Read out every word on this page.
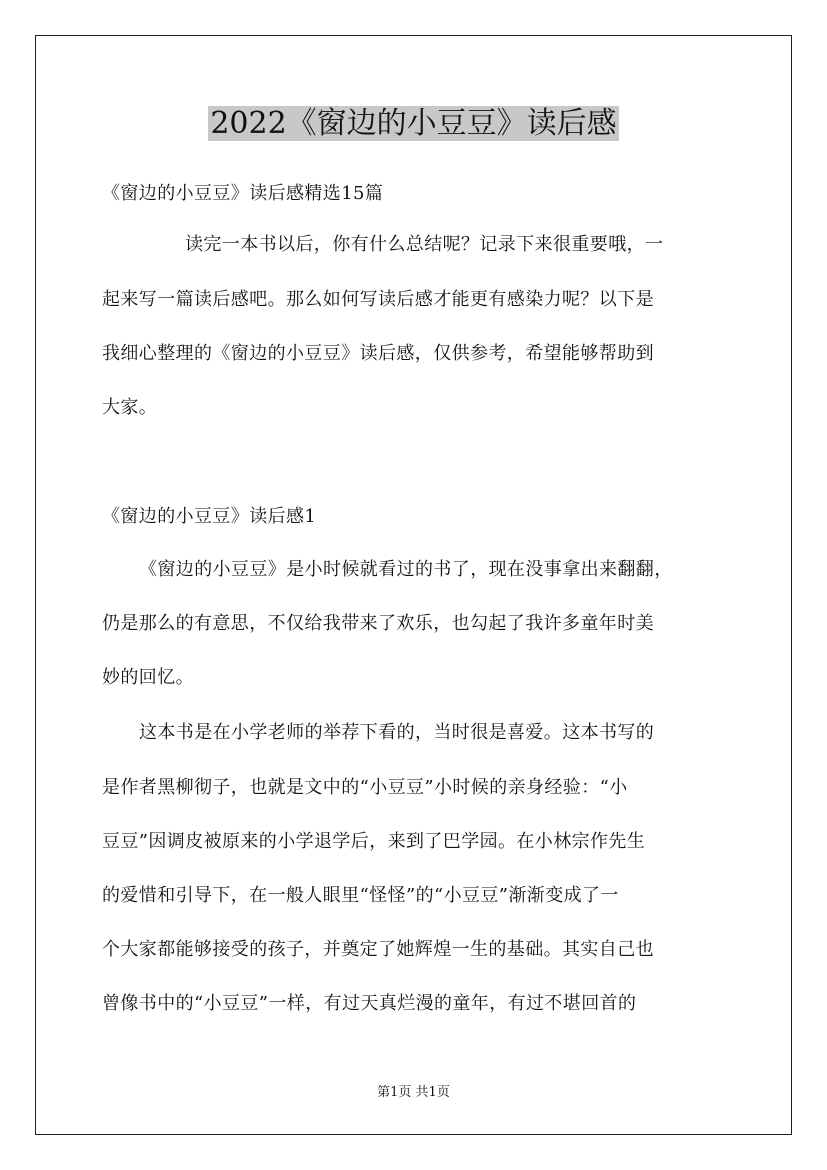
2022《窗边的小豆豆》读后感

《窗边的小豆豆》读后感精选15篇

读完一本书以后，你有什么总结呢？记录下来很重要哦，一

起来写一篇读后感吧。那么如何写读后感才能更有感染力呢？以下是

我细心整理的《窗边的小豆豆》读后感，仅供参考，希望能够帮助到

大家。

《窗边的小豆豆》读后感1

《窗边的小豆豆》是小时候就看过的书了，现在没事拿出来翻翻，

仍是那么的有意思，不仅给我带来了欢乐，也勾起了我许多童年时美

妙的回忆。

这本书是在小学老师的举荐下看的，当时很是喜爱。这本书写的

是作者黑柳彻子，也就是文中的“小豆豆”小时候的亲身经验：“小

豆豆”因调皮被原来的小学退学后，来到了巴学园。在小林宗作先生

的爱惜和引导下，在一般人眼里“怪怪”的“小豆豆”渐渐变成了一

个大家都能够接受的孩子，并奠定了她辉煌一生的基础。其实自己也

曾像书中的“小豆豆”一样，有过天真烂漫的童年，有过不堪回首的

第1页 共1页
